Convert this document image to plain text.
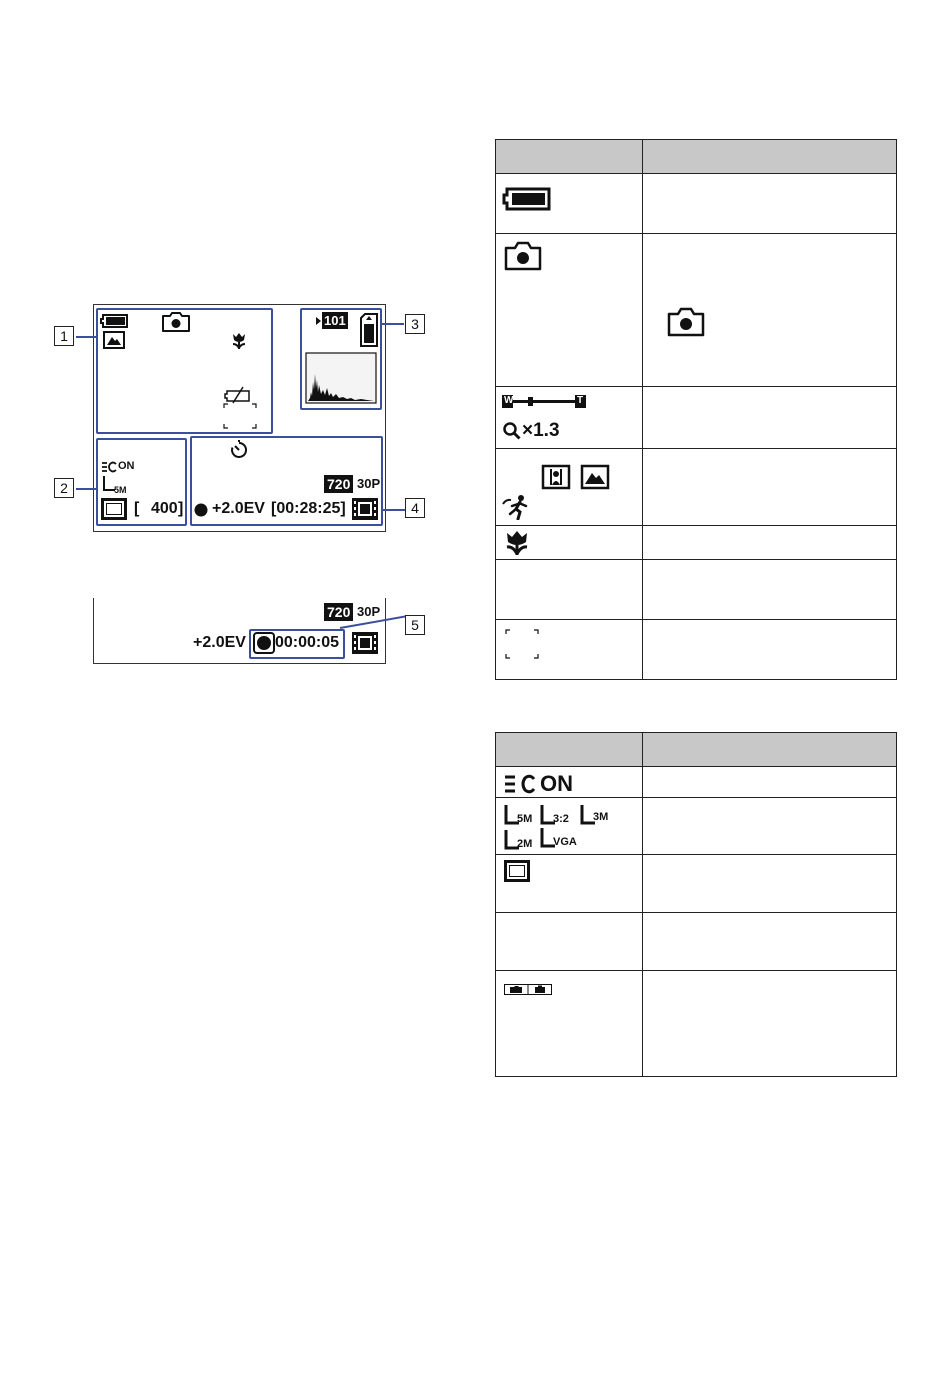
101	3
ON
5M
[ 400 ]
2
1
720 30P
+2.0EV [00:28:25]	4
720 30P
+2.0EV 00:00:05
5

W T
×1.3	

ON	

5M 3:2 3M
2M VGA	
